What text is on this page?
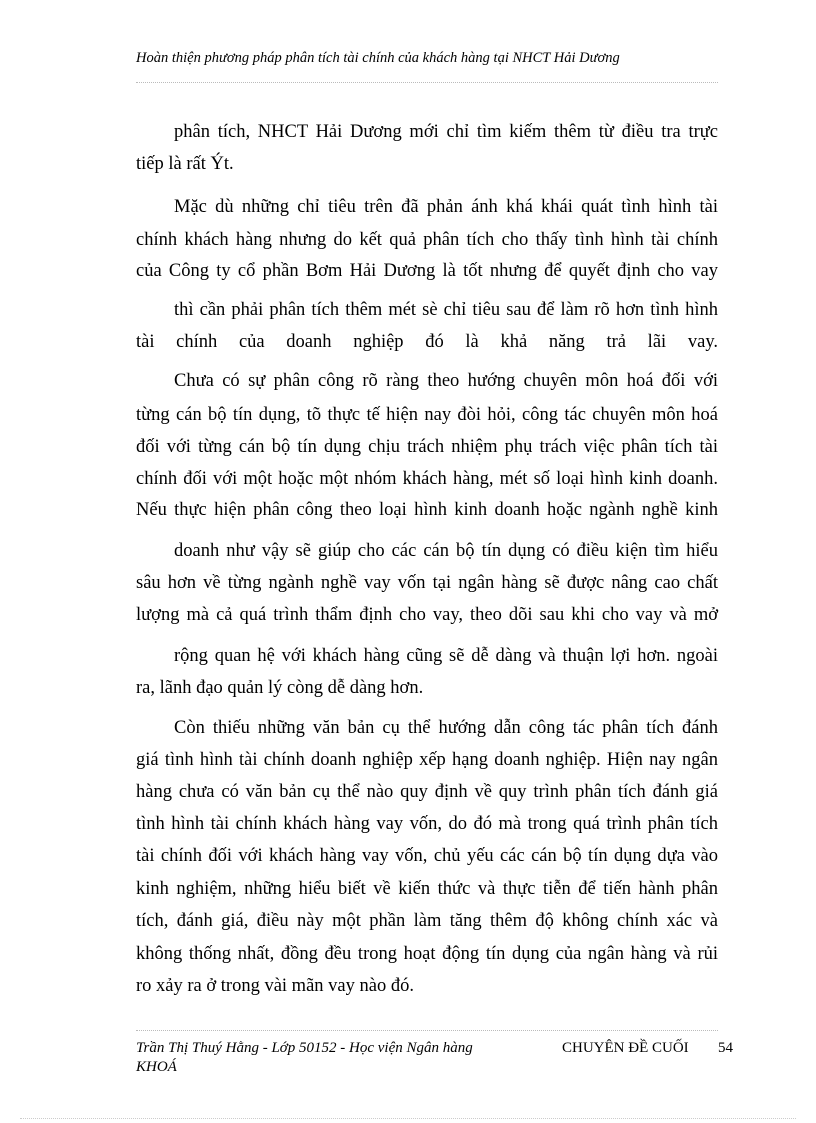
Hoàn thiện phương pháp phân tích tài chính của khách hàng tại NHCT Hải Dương
phân tích, NHCT Hải Dương mới chỉ tìm kiếm thêm từ điều tra trực
tiếp là rất Ýt.
Mặc dù những chỉ tiêu trên đã phản ánh khá khái quát tình hình tài
chính khách hàng nhưng do kết quả phân tích cho thấy tình hình tài chính
của Công ty cổ phần Bơm Hải Dương là tốt nhưng để quyết định cho vay
thì cần phải phân tích thêm mét sè chỉ tiêu sau để làm rõ hơn tình hình
tài chính của doanh nghiệp đó là khả năng trả lãi vay.
Chưa có sự phân công rõ ràng theo hướng chuyên môn hoá đối với
từng cán bộ tín dụng, tõ thực tế hiện nay đòi hỏi, công tác chuyên môn hoá
đối với từng cán bộ tín dụng chịu trách nhiệm phụ trách việc phân tích tài
chính đối với một hoặc một nhóm khách hàng, mét số loại hình kinh doanh.
Nếu thực hiện phân công theo loại hình kinh doanh hoặc ngành nghề kinh
doanh như vậy sẽ giúp cho các cán bộ tín dụng có điều kiện tìm hiểu
sâu hơn về từng ngành nghề vay vốn tại ngân hàng sẽ được nâng cao chất
lượng mà cả quá trình thẩm định cho vay, theo dõi sau khi cho vay và mở
rộng quan hệ với khách hàng cũng sẽ dễ dàng và thuận lợi hơn. ngoài
ra, lãnh đạo quản lý còng dễ dàng hơn.
Còn thiếu những văn bản cụ thể hướng dẫn công tác phân tích đánh
giá tình hình tài chính doanh nghiệp xếp hạng doanh nghiệp. Hiện nay ngân
hàng chưa có văn bản cụ thể nào quy định về quy trình phân tích đánh giá
tình hình tài chính khách hàng vay vốn, do đó mà trong quá trình phân tích
tài chính đối với khách hàng vay vốn, chủ yếu các cán bộ tín dụng dựa vào
kinh nghiệm, những hiểu biết về kiến thức và thực tiễn để tiến hành phân
tích, đánh giá, điều này một phần làm tăng thêm độ không chính xác và
không thống nhất, đồng đều trong hoạt động tín dụng của ngân hàng và rủi
ro xảy ra ở trong vài mãn vay nào đó.
Trần Thị Thuý Hằng - Lớp 50152 - Học viện Ngân hàng
KHOÁ
CHUYÊN ĐỀ CUỐI 54
